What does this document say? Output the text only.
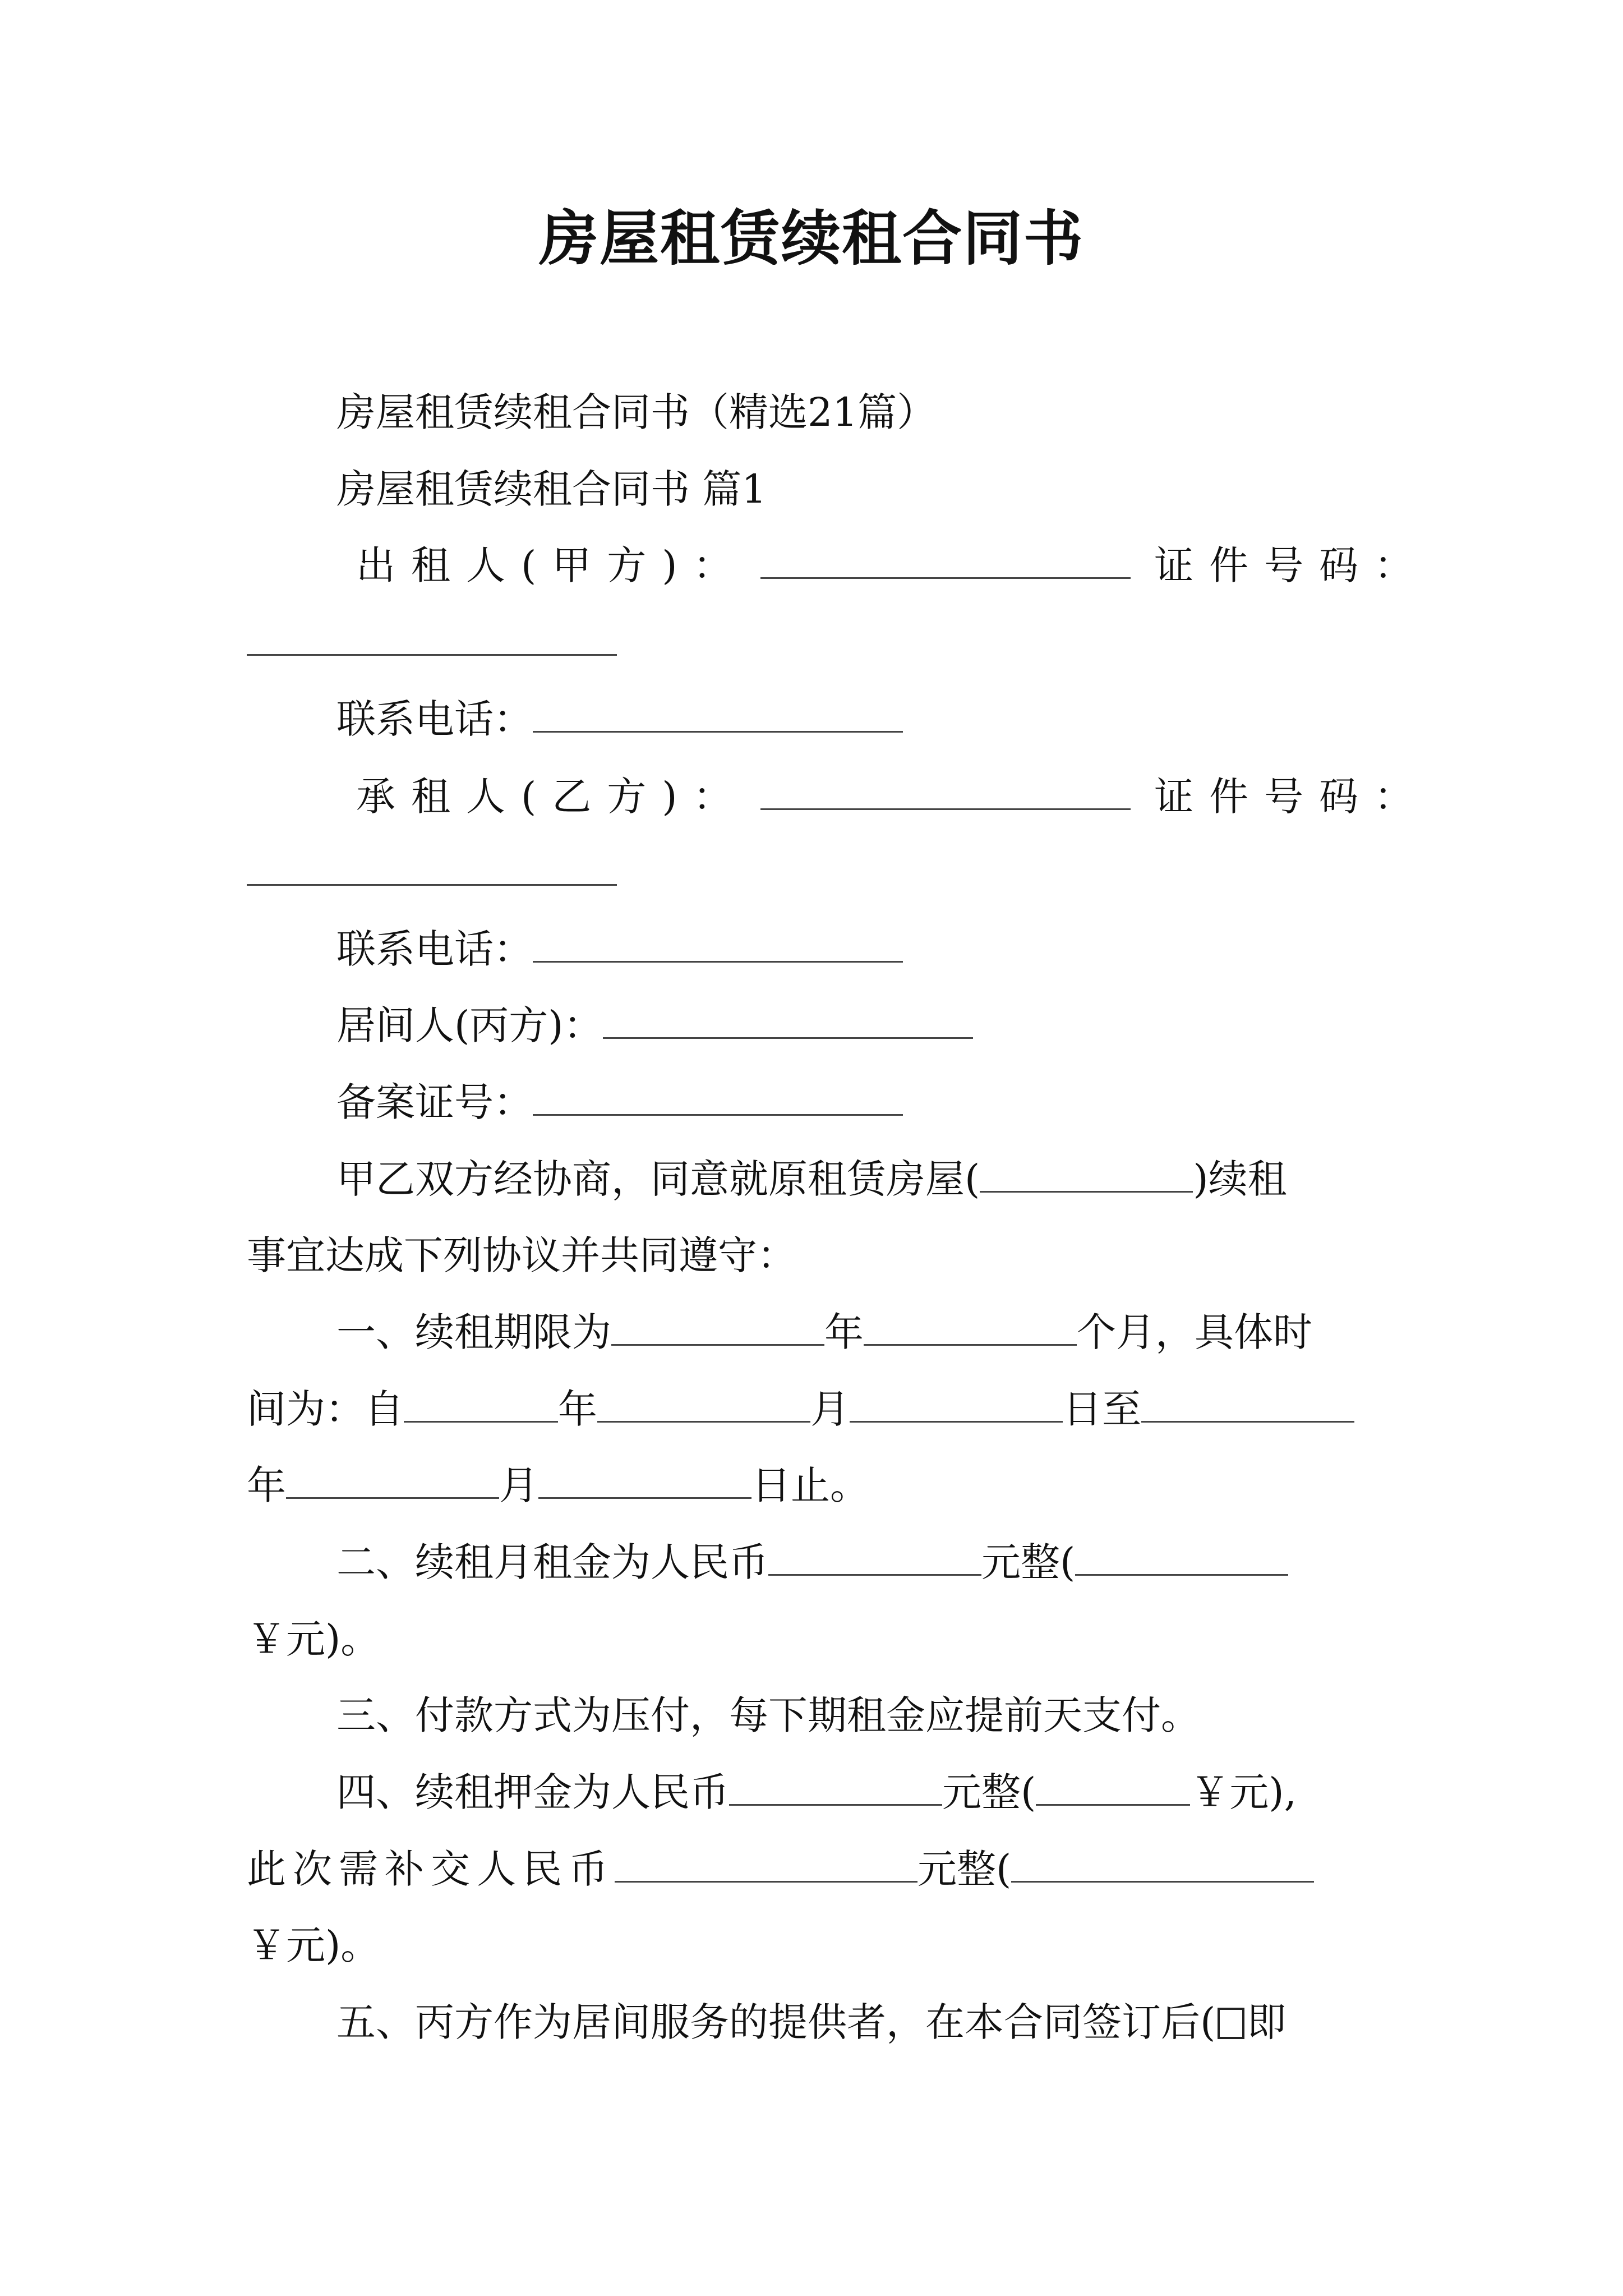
房屋租赁续租合同书
房屋租赁续租合同书（精选21篇）
房屋租赁续租合同书 篇1
出租人(甲方)：	证件号码：
联系电话：
承租人(乙方)：	证件号码：
联系电话：
居间人(丙方)：
备案证号：
甲乙双方经协商，同意就原租赁房屋(	)续租
事宜达成下列协议并共同遵守：
一、续租期限为	年	个月，具体时
间为：自	年	月	日至
年	月	日止。
二、续租月租金为人民币	元整(
￥元)。
三、付款方式为压付，每下期租金应提前天支付。
四、续租押金为人民币	元整(	￥元),
此次需补交人民币	元整(
￥元)。
五、丙方作为居间服务的提供者，在本合同签订后( 即
